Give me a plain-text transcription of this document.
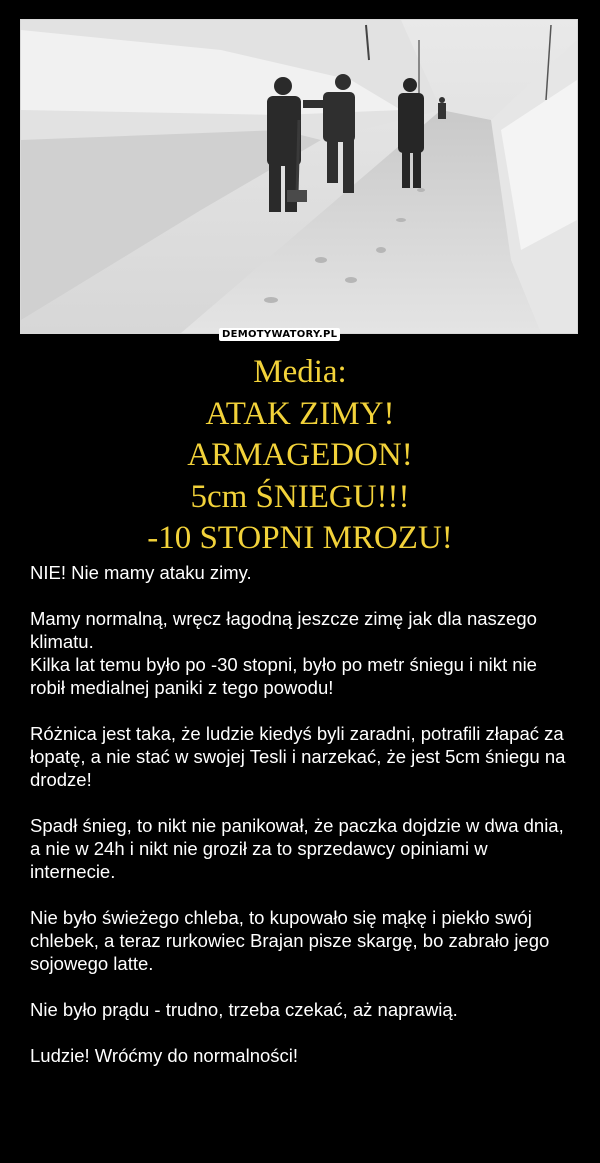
DEMOTYWATORY.PL
Media:
ATAK ZIMY!
ARMAGEDON!
5cm ŚNIEGU!!!
-10 STOPNI MROZU!

NIE! Nie mamy ataku zimy.

Mamy normalną, wręcz łagodną jeszcze zimę jak dla naszego klimatu.
Kilka lat temu było po -30 stopni, było po metr śniegu i nikt nie robił medialnej paniki z tego powodu!

Różnica jest taka, że ludzie kiedyś byli zaradni, potrafili złapać za łopatę, a nie stać w swojej Tesli i narzekać, że jest 5cm śniegu na drodze!

Spadł śnieg, to nikt nie panikował, że paczka dojdzie w dwa dnia, a nie w 24h i nikt nie groził za to sprzedawcy opiniami w internecie.

Nie było świeżego chleba, to kupowało się mąkę i piekło swój chlebek, a teraz rurkowiec Brajan pisze skargę, bo zabrało jego sojowego latte.

Nie było prądu - trudno, trzeba czekać, aż naprawią.

Ludzie! Wróćmy do normalności!
